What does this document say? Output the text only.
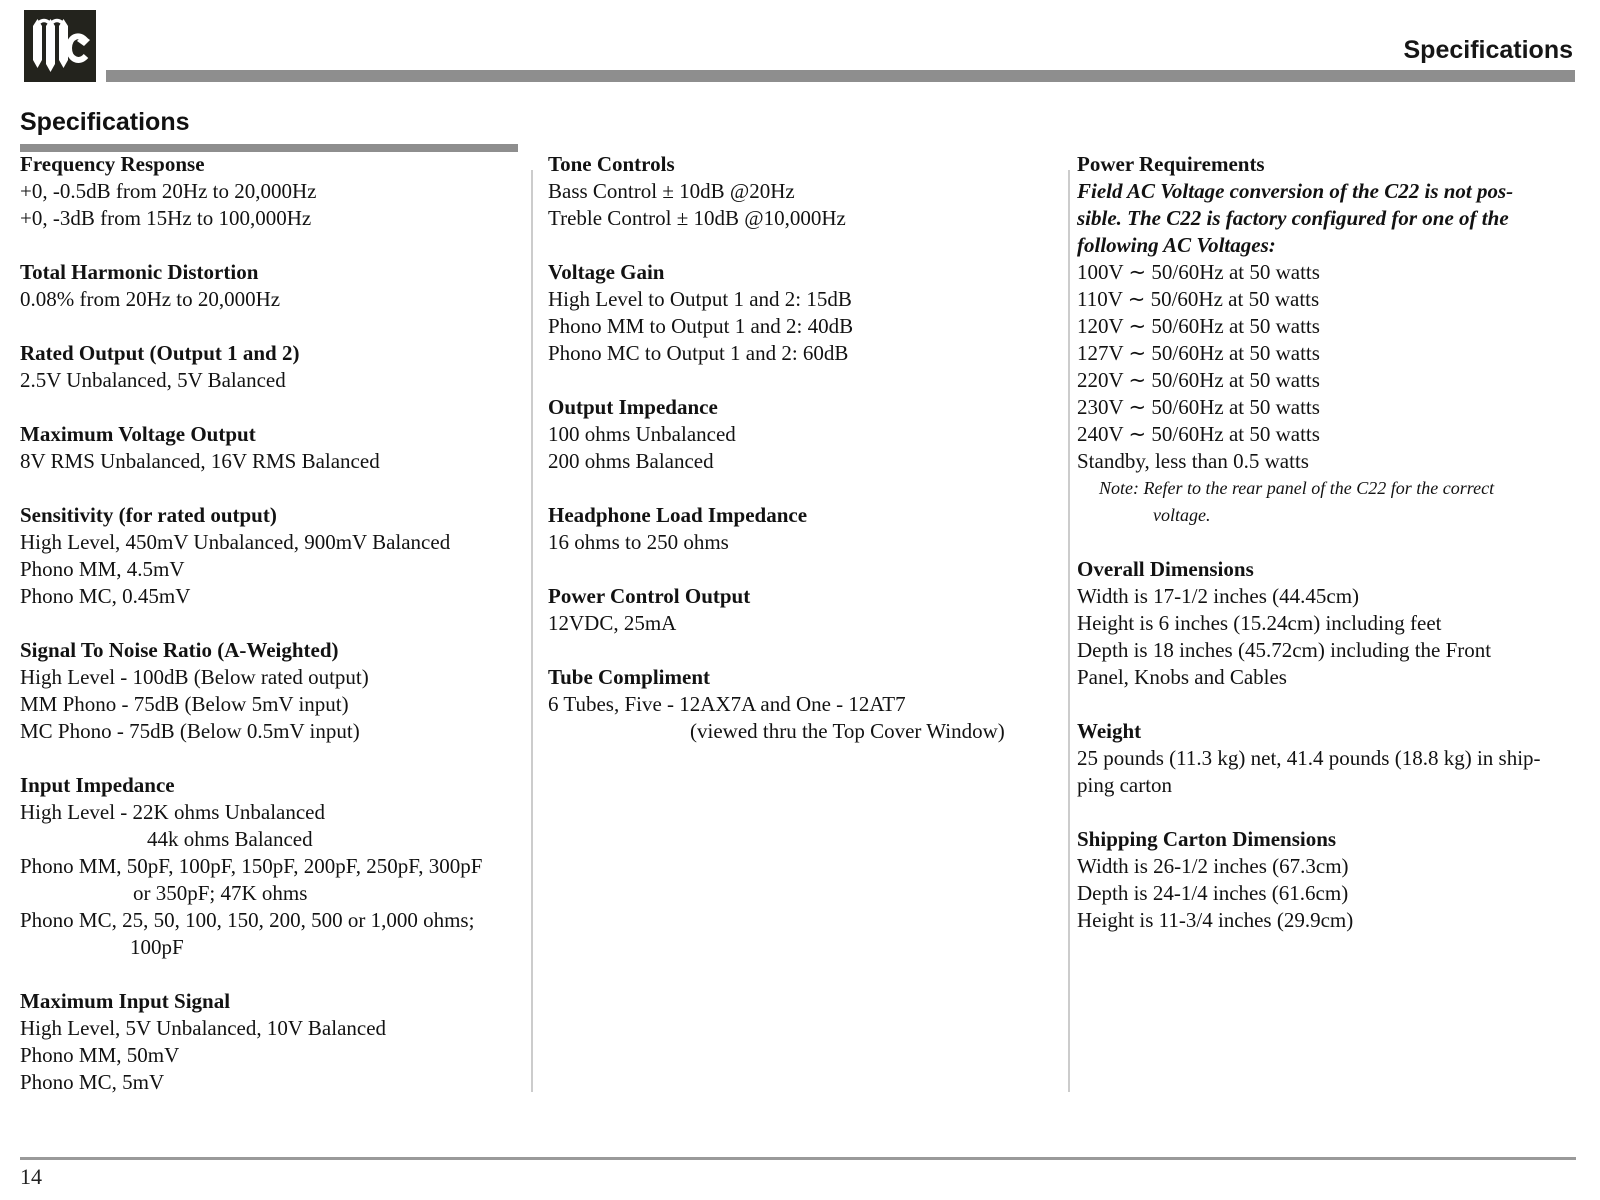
Specifications
Specifications
Frequency Response
+0, -0.5dB from 20Hz to 20,000Hz
+0, -3dB from 15Hz to 100,000Hz
Total Harmonic Distortion
0.08% from 20Hz to 20,000Hz
Rated Output (Output 1 and 2)
2.5V Unbalanced, 5V Balanced
Maximum Voltage Output
8V RMS Unbalanced, 16V RMS Balanced
Sensitivity (for rated output)
High Level, 450mV Unbalanced, 900mV Balanced
Phono MM, 4.5mV
Phono MC, 0.45mV
Signal To Noise Ratio (A-Weighted)
High Level - 100dB (Below rated output)
MM Phono - 75dB (Below 5mV input)
MC Phono - 75dB (Below 0.5mV input)
Input Impedance
High Level - 22K ohms Unbalanced
44k ohms Balanced
Phono MM, 50pF, 100pF, 150pF, 200pF, 250pF, 300pF
or 350pF; 47K ohms
Phono MC, 25, 50, 100, 150, 200, 500 or 1,000 ohms;
100pF
Maximum Input Signal
High Level, 5V Unbalanced, 10V Balanced
Phono MM, 50mV
Phono MC, 5mV
Tone Controls
Bass Control ± 10dB @20Hz
Treble Control ± 10dB @10,000Hz
Voltage Gain
High Level to Output 1 and 2: 15dB
Phono MM to Output 1 and 2: 40dB
Phono MC to Output 1 and 2: 60dB
Output Impedance
100 ohms Unbalanced
200 ohms Balanced
Headphone Load Impedance
16 ohms to 250 ohms
Power Control Output
12VDC, 25mA
Tube Compliment
6 Tubes, Five - 12AX7A and One - 12AT7
(viewed thru the Top Cover Window)
Power Requirements
Field AC Voltage conversion of the C22 is not pos-
sible. The C22 is factory configured for one of the
following AC Voltages:
100V ∼ 50/60Hz at 50 watts
110V ∼ 50/60Hz at 50 watts
120V ∼ 50/60Hz at 50 watts
127V ∼ 50/60Hz at 50 watts
220V ∼ 50/60Hz at 50 watts
230V ∼ 50/60Hz at 50 watts
240V ∼ 50/60Hz at 50 watts
Standby, less than 0.5 watts
Note: Refer to the rear panel of the C22 for the correct
voltage.
Overall Dimensions
Width is 17-1/2 inches (44.45cm)
Height is 6 inches (15.24cm) including feet
Depth is 18 inches (45.72cm) including the Front
Panel, Knobs and Cables
Weight
25 pounds (11.3 kg) net, 41.4 pounds (18.8 kg) in ship-
ping carton
Shipping Carton Dimensions
Width is 26-1/2 inches (67.3cm)
Depth is 24-1/4 inches (61.6cm)
Height is 11-3/4 inches (29.9cm)
14
